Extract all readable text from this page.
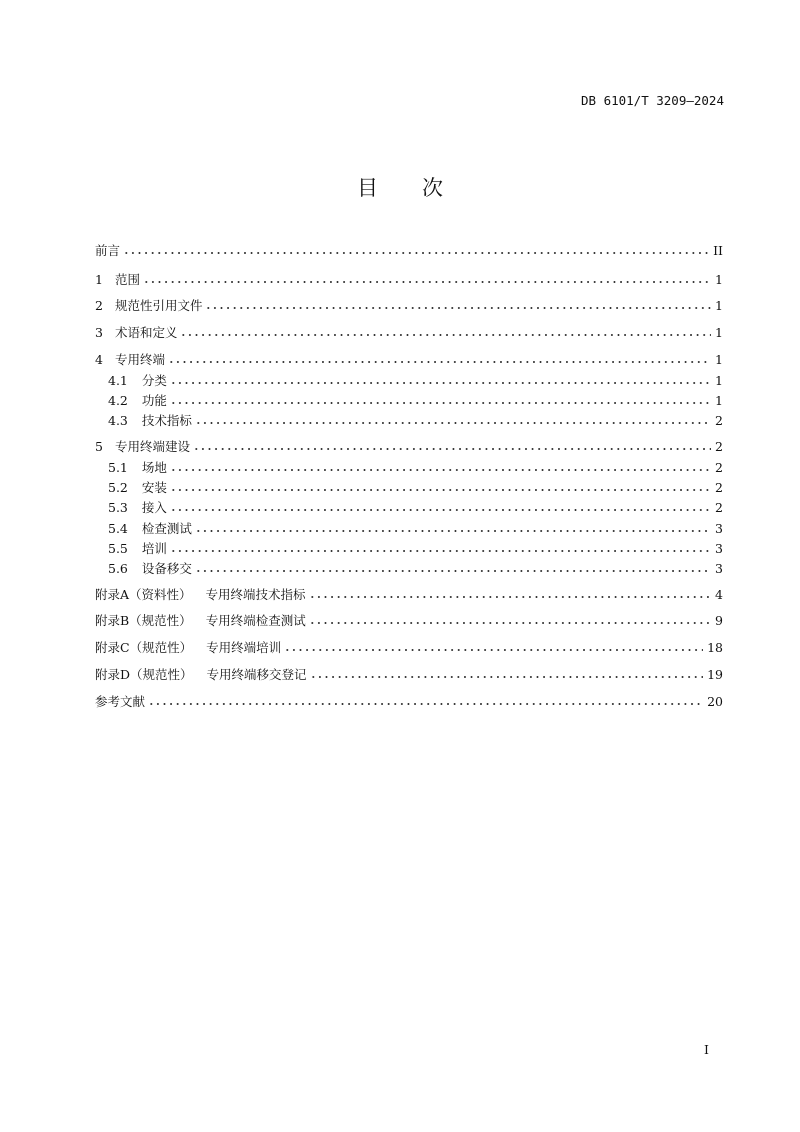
DB 6101/T 3209—2024
目 次
前言	II
1 范围	1
2 规范性引用文件	1
3 术语和定义	1
4 专用终端	1
4.1 分类	1
4.2 功能	1
4.3 技术指标	2
5 专用终端建设	2
5.1 场地	2
5.2 安装	2
5.3 接入	2
5.4 检查测试	3
5.5 培训	3
5.6 设备移交	3
附录A（资料性） 专用终端技术指标	4
附录B（规范性） 专用终端检查测试	9
附录C（规范性） 专用终端培训	18
附录D（规范性） 专用终端移交登记	19
参考文献	20
I
